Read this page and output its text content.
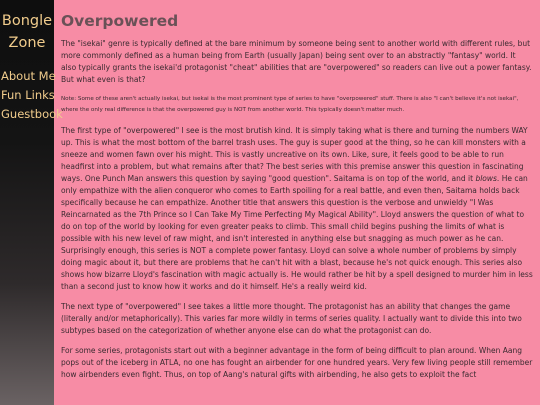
Bongle
Zone
About Me
Fun Links
Guestbook
Overpowered

The "isekai" genre is typically defined at the bare minimum by someone being sent to another world with different rules, but more commonly defined as a human being from Earth (usually Japan) being sent over to an abstractly "fantasy" world. It also typically grants the isekai'd protagonist "cheat" abilities that are "overpowered" so readers can live out a power fantasy. But what even is that?

Note: Some of these aren't actually isekai, but isekai is the most prominent type of series to have "overpowered" stuff. There is also "I can't believe it's not isekai", where the only real difference is that the overpowered guy is NOT from another world. This typically doesn't matter much.

The first type of "overpowered" I see is the most brutish kind. It is simply taking what is there and turning the numbers WAY up. This is what the most bottom of the barrel trash uses. The guy is super good at the thing, so he can kill monsters with a sneeze and women fawn over his might. This is vastly uncreative on its own. Like, sure, it feels good to be able to run headfirst into a problem, but what remains after that? The best series with this premise answer this question in fascinating ways. One Punch Man answers this question by saying "good question". Saitama is on top of the world, and it blows. He can only empathize with the alien conqueror who comes to Earth spoiling for a real battle, and even then, Saitama holds back specifically because he can empathize. Another title that answers this question is the verbose and unwieldy "I Was Reincarnated as the 7th Prince so I Can Take My Time Perfecting My Magical Ability". Lloyd answers the question of what to do on top of the world by looking for even greater peaks to climb. This small child begins pushing the limits of what is possible with his new level of raw might, and isn't interested in anything else but snagging as much power as he can. Surprisingly enough, this series is NOT a complete power fantasy. Lloyd can solve a whole number of problems by simply doing magic about it, but there are problems that he can't hit with a blast, because he's not quick enough. This series also shows how bizarre Lloyd's fascination with magic actually is. He would rather be hit by a spell designed to murder him in less than a second just to know how it works and do it himself. He's a really weird kid.

The next type of "overpowered" I see takes a little more thought. The protagonist has an ability that changes the game (literally and/or metaphorically). This varies far more wildly in terms of series quality. I actually want to divide this into two subtypes based on the categorization of whether anyone else can do what the protagonist can do.

For some series, protagonists start out with a beginner advantage in the form of being difficult to plan around. When Aang pops out of the iceberg in ATLA, no one has fought an airbender for one hundred years. Very few living people still remember how airbenders even fight. Thus, on top of Aang's natural gifts with airbending, he also gets to exploit the fact
